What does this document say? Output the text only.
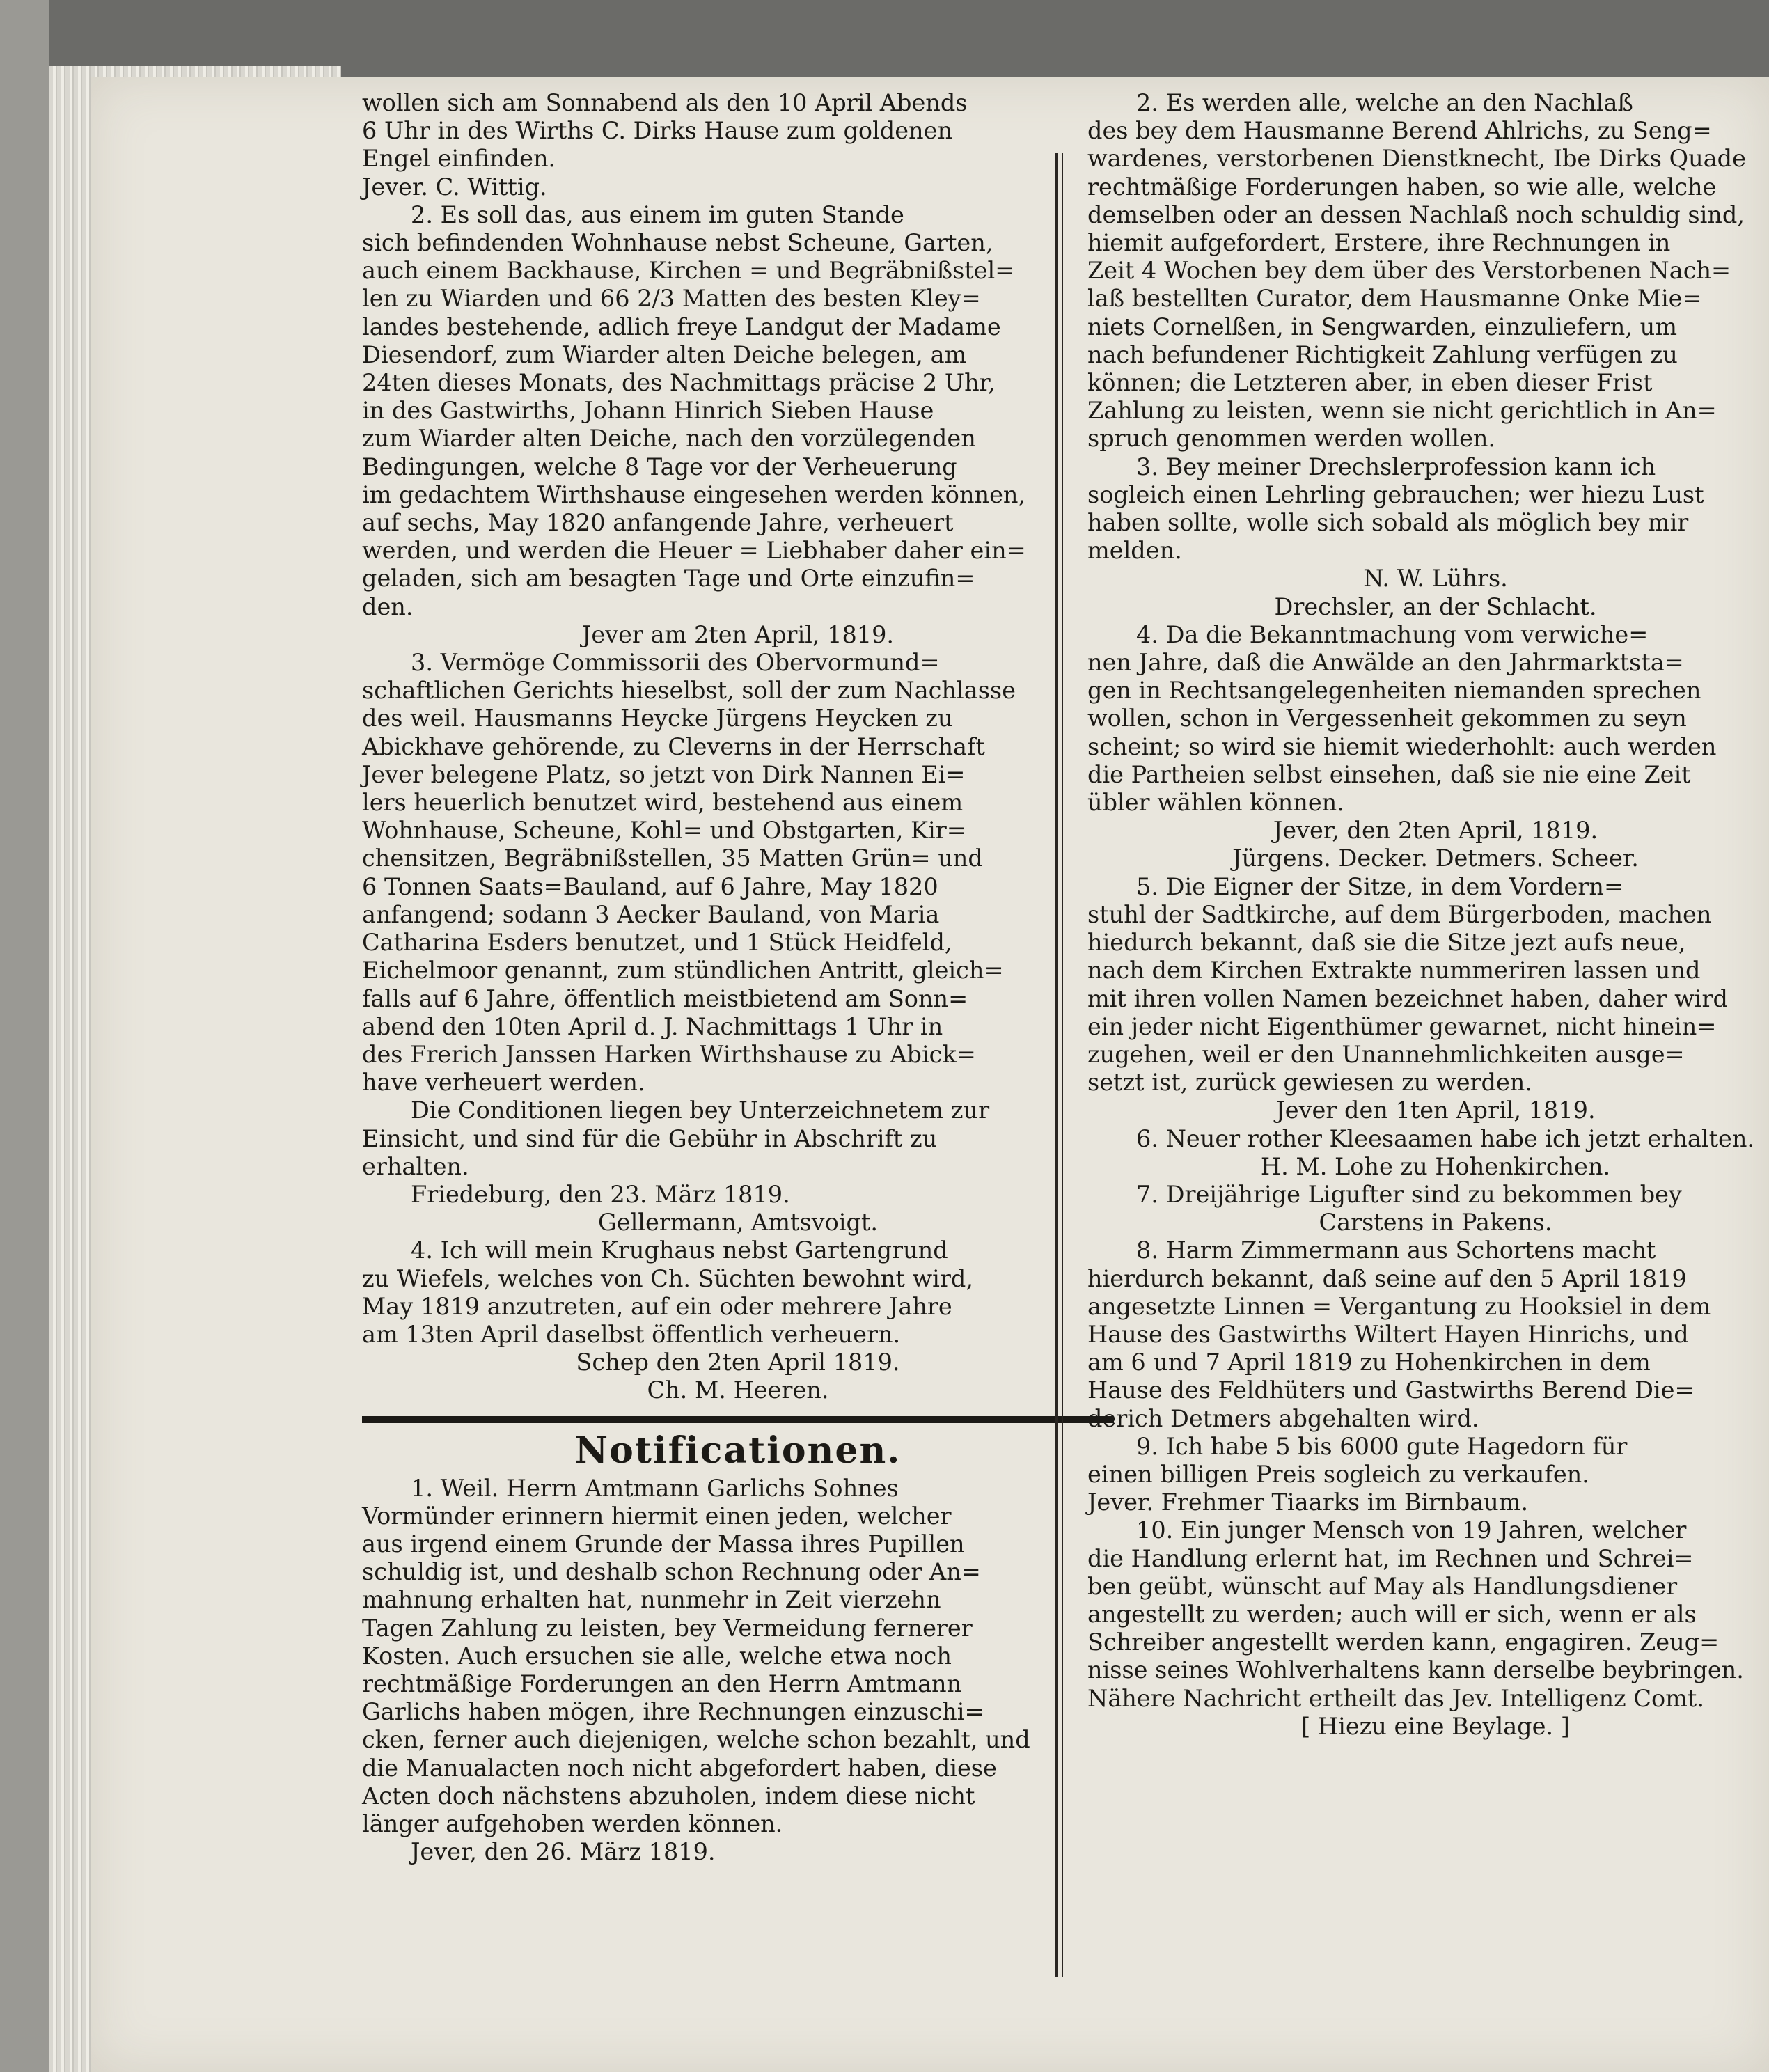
wollen sich am Sonnabend als den 10 April Abends

6 Uhr in des Wirths C. Dirks Hause zum goldenen

Engel einfinden.

Jever. C. Wittig.

2. Es soll das, aus einem im guten Stande

sich befindenden Wohnhause nebst Scheune, Garten,

auch einem Backhause, Kirchen = und Begräbnißstel=

len zu Wiarden und 66 2/3 Matten des besten Kley=

landes bestehende, adlich freye Landgut der Madame

Diesendorf, zum Wiarder alten Deiche belegen, am

24ten dieses Monats, des Nachmittags präcise 2 Uhr,

in des Gastwirths, Johann Hinrich Sieben Hause

zum Wiarder alten Deiche, nach den vorzülegenden

Bedingungen, welche 8 Tage vor der Verheuerung

im gedachtem Wirthshause eingesehen werden können,

auf sechs, May 1820 anfangende Jahre, verheuert

werden, und werden die Heuer = Liebhaber daher ein=

geladen, sich am besagten Tage und Orte einzufin=

den.

Jever am 2ten April, 1819.

3. Vermöge Commissorii des Obervormund=

schaftlichen Gerichts hieselbst, soll der zum Nachlasse

des weil. Hausmanns Heycke Jürgens Heycken zu

Abickhave gehörende, zu Cleverns in der Herrschaft

Jever belegene Platz, so jetzt von Dirk Nannen Ei=

lers heuerlich benutzet wird, bestehend aus einem

Wohnhause, Scheune, Kohl= und Obstgarten, Kir=

chensitzen, Begräbnißstellen, 35 Matten Grün= und

6 Tonnen Saats=Bauland, auf 6 Jahre, May 1820

anfangend; sodann 3 Aecker Bauland, von Maria

Catharina Esders benutzet, und 1 Stück Heidfeld,

Eichelmoor genannt, zum stündlichen Antritt, gleich=

falls auf 6 Jahre, öffentlich meistbietend am Sonn=

abend den 10ten April d. J. Nachmittags 1 Uhr in

des Frerich Janssen Harken Wirthshause zu Abick=

have verheuert werden.

Die Conditionen liegen bey Unterzeichnetem zur

Einsicht, und sind für die Gebühr in Abschrift zu

erhalten.

Friedeburg, den 23. März 1819.

Gellermann, Amtsvoigt.

4. Ich will mein Krughaus nebst Gartengrund

zu Wiefels, welches von Ch. Süchten bewohnt wird,

May 1819 anzutreten, auf ein oder mehrere Jahre

am 13ten April daselbst öffentlich verheuern.

Schep den 2ten April 1819.

Ch. M. Heeren.

Notificationen.

1. Weil. Herrn Amtmann Garlichs Sohnes

Vormünder erinnern hiermit einen jeden, welcher

aus irgend einem Grunde der Massa ihres Pupillen

schuldig ist, und deshalb schon Rechnung oder An=

mahnung erhalten hat, nunmehr in Zeit vierzehn

Tagen Zahlung zu leisten, bey Vermeidung fernerer

Kosten. Auch ersuchen sie alle, welche etwa noch

rechtmäßige Forderungen an den Herrn Amtmann

Garlichs haben mögen, ihre Rechnungen einzuschi=

cken, ferner auch diejenigen, welche schon bezahlt, und

die Manualacten noch nicht abgefordert haben, diese

Acten doch nächstens abzuholen, indem diese nicht

länger aufgehoben werden können.

Jever, den 26. März 1819.

2. Es werden alle, welche an den Nachlaß

des bey dem Hausmanne Berend Ahlrichs, zu Seng=

wardenes, verstorbenen Dienstknecht, Ibe Dirks Quade

rechtmäßige Forderungen haben, so wie alle, welche

demselben oder an dessen Nachlaß noch schuldig sind,

hiemit aufgefordert, Erstere, ihre Rechnungen in

Zeit 4 Wochen bey dem über des Verstorbenen Nach=

laß bestellten Curator, dem Hausmanne Onke Mie=

niets Cornelßen, in Sengwarden, einzuliefern, um

nach befundener Richtigkeit Zahlung verfügen zu

können; die Letzteren aber, in eben dieser Frist

Zahlung zu leisten, wenn sie nicht gerichtlich in An=

spruch genommen werden wollen.

3. Bey meiner Drechslerprofession kann ich

sogleich einen Lehrling gebrauchen; wer hiezu Lust

haben sollte, wolle sich sobald als möglich bey mir

melden.

N. W. Lührs.

Drechsler, an der Schlacht.

4. Da die Bekanntmachung vom verwiche=

nen Jahre, daß die Anwälde an den Jahrmarktsta=

gen in Rechtsangelegenheiten niemanden sprechen

wollen, schon in Vergessenheit gekommen zu seyn

scheint; so wird sie hiemit wiederhohlt: auch werden

die Partheien selbst einsehen, daß sie nie eine Zeit

übler wählen können.

Jever, den 2ten April, 1819.

Jürgens. Decker. Detmers. Scheer.

5. Die Eigner der Sitze, in dem Vordern=

stuhl der Sadtkirche, auf dem Bürgerboden, machen

hiedurch bekannt, daß sie die Sitze jezt aufs neue,

nach dem Kirchen Extrakte nummeriren lassen und

mit ihren vollen Namen bezeichnet haben, daher wird

ein jeder nicht Eigenthümer gewarnet, nicht hinein=

zugehen, weil er den Unannehmlichkeiten ausge=

setzt ist, zurück gewiesen zu werden.

Jever den 1ten April, 1819.

6. Neuer rother Kleesaamen habe ich jetzt erhalten.

H. M. Lohe zu Hohenkirchen.

7. Dreijährige Ligufter sind zu bekommen bey

Carstens in Pakens.

8. Harm Zimmermann aus Schortens macht

hierdurch bekannt, daß seine auf den 5 April 1819

angesetzte Linnen = Vergantung zu Hooksiel in dem

Hause des Gastwirths Wiltert Hayen Hinrichs, und

am 6 und 7 April 1819 zu Hohenkirchen in dem

Hause des Feldhüters und Gastwirths Berend Die=

derich Detmers abgehalten wird.

9. Ich habe 5 bis 6000 gute Hagedorn für

einen billigen Preis sogleich zu verkaufen.

Jever. Frehmer Tiaarks im Birnbaum.

10. Ein junger Mensch von 19 Jahren, welcher

die Handlung erlernt hat, im Rechnen und Schrei=

ben geübt, wünscht auf May als Handlungsdiener

angestellt zu werden; auch will er sich, wenn er als

Schreiber angestellt werden kann, engagiren. Zeug=

nisse seines Wohlverhaltens kann derselbe beybringen.

Nähere Nachricht ertheilt das Jev. Intelligenz Comt.

[ Hiezu eine Beylage. ]
